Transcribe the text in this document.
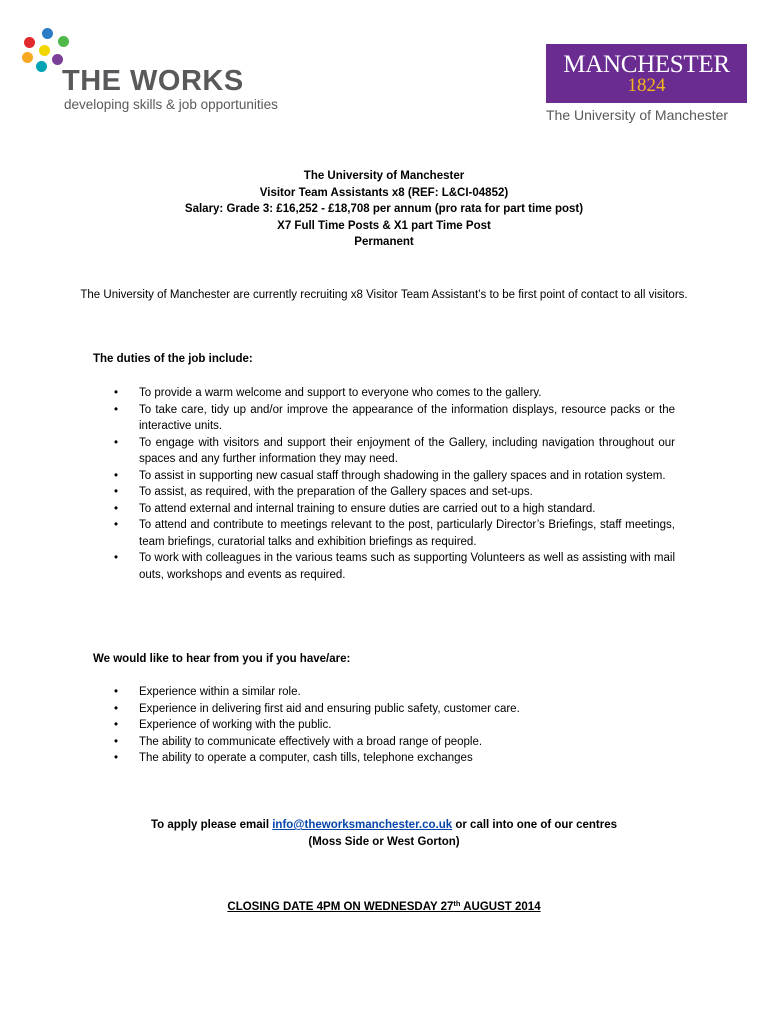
THE WORKS
developing skills & job opportunities
MANCHESTER
1824
The University of Manchester
The University of Manchester
Visitor Team Assistants x8 (REF: L&CI-04852)
Salary: Grade 3: £16,252 - £18,708 per annum (pro rata for part time post)
X7 Full Time Posts & X1 part Time Post
Permanent
The University of Manchester are currently recruiting x8 Visitor Team Assistant’s to be first point of contact to all visitors.
The duties of the job include:
• To provide a warm welcome and support to everyone who comes to the gallery.
• To take care, tidy up and/or improve the appearance of the information displays, resource packs or the interactive units.
• To engage with visitors and support their enjoyment of the Gallery, including navigation throughout our spaces and any further information they may need.
• To assist in supporting new casual staff through shadowing in the gallery spaces and in rotation system.
• To assist, as required, with the preparation of the Gallery spaces and set-ups.
• To attend external and internal training to ensure duties are carried out to a high standard.
• To attend and contribute to meetings relevant to the post, particularly Director’s Briefings, staff meetings, team briefings, curatorial talks and exhibition briefings as required.
• To work with colleagues in the various teams such as supporting Volunteers as well as assisting with mail outs, workshops and events as required.
We would like to hear from you if you have/are:
• Experience within a similar role.
• Experience in delivering first aid and ensuring public safety, customer care.
• Experience of working with the public.
• The ability to communicate effectively with a broad range of people.
• The ability to operate a computer, cash tills, telephone exchanges
To apply please email info@theworksmanchester.co.uk or call into one of our centres (Moss Side or West Gorton)
CLOSING DATE 4PM ON WEDNESDAY 27th AUGUST 2014
